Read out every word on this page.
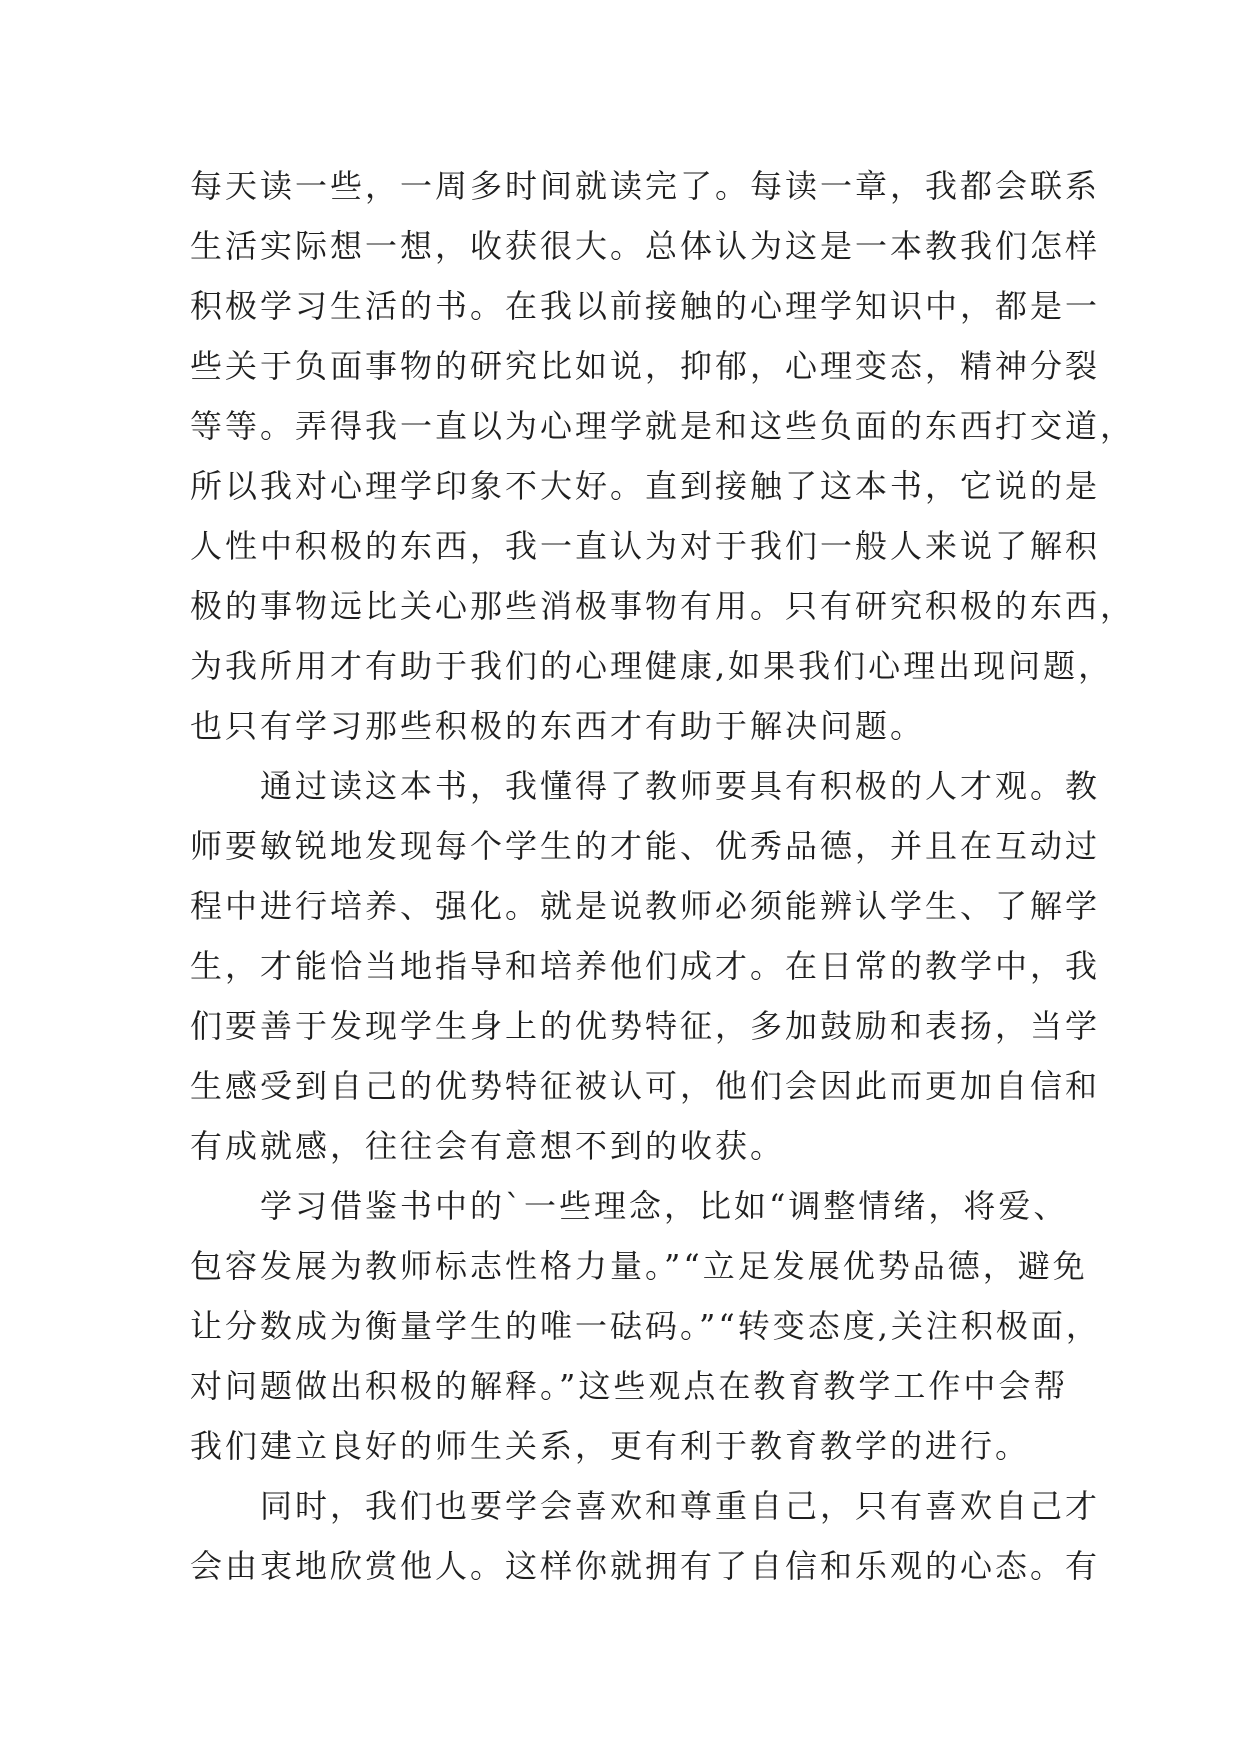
每天读一些，一周多时间就读完了。每读一章，我都会联系
生活实际想一想，收获很大。总体认为这是一本教我们怎样
积极学习生活的书。在我以前接触的心理学知识中，都是一
些关于负面事物的研究比如说，抑郁，心理变态，精神分裂
等等。弄得我一直以为心理学就是和这些负面的东西打交道，
所以我对心理学印象不大好。直到接触了这本书，它说的是
人性中积极的东西，我一直认为对于我们一般人来说了解积
极的事物远比关心那些消极事物有用。只有研究积极的东西，
为我所用才有助于我们的心理健康,如果我们心理出现问题，
也只有学习那些积极的东西才有助于解决问题。
　　通过读这本书，我懂得了教师要具有积极的人才观。教
师要敏锐地发现每个学生的才能、优秀品德，并且在互动过
程中进行培养、强化。就是说教师必须能辨认学生、了解学
生，才能恰当地指导和培养他们成才。在日常的教学中，我
们要善于发现学生身上的优势特征，多加鼓励和表扬，当学
生感受到自己的优势特征被认可，他们会因此而更加自信和
有成就感，往往会有意想不到的收获。
　　学习借鉴书中的`一些理念，比如“调整情绪，将爱、
包容发展为教师标志性格力量。”“立足发展优势品德，避免
让分数成为衡量学生的唯一砝码。”“转变态度,关注积极面，
对问题做出积极的解释。”这些观点在教育教学工作中会帮
我们建立良好的师生关系，更有利于教育教学的进行。
　　同时，我们也要学会喜欢和尊重自己，只有喜欢自己才
会由衷地欣赏他人。这样你就拥有了自信和乐观的心态。有
